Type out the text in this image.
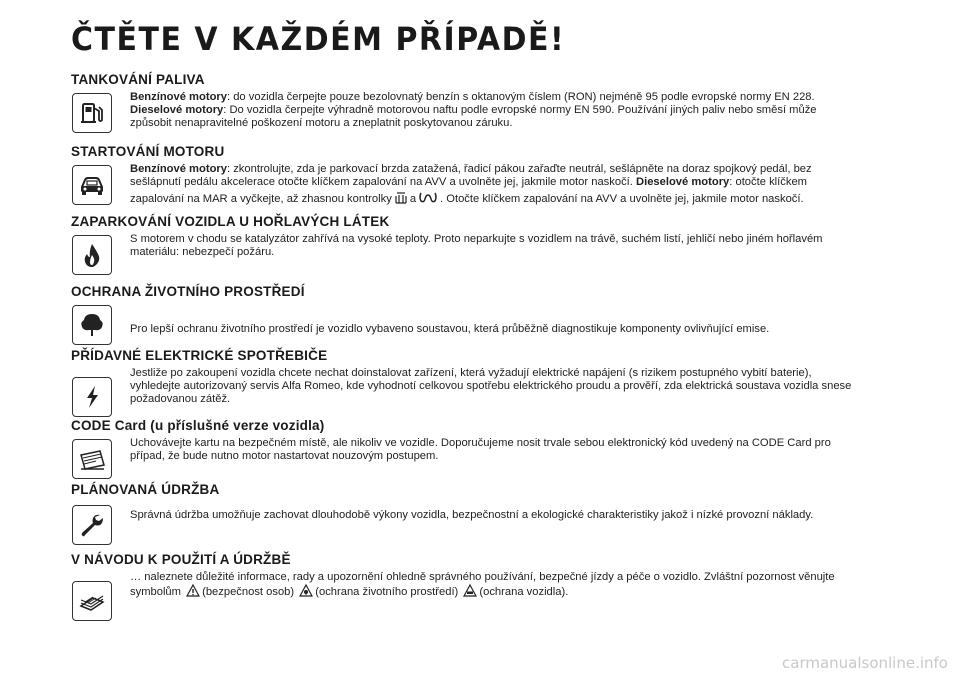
ČTĚTE V KAŽDÉM PŘÍPADĚ!
TANKOVÁNÍ PALIVA
Benzínové motory: do vozidla čerpejte pouze bezolovnatý benzín s oktanovým číslem (RON) nejméně 95 podle evropské normy EN 228.
Dieselové motory: Do vozidla čerpejte výhradně motorovou naftu podle evropské normy EN 590. Používání jiných paliv nebo směsí může způsobit nenapravitelné poškození motoru a zneplatnit poskytovanou záruku.
STARTOVÁNÍ MOTORU
Benzínové motory: zkontrolujte, zda je parkovací brzda zatažená, řadicí pákou zařaďte neutrál, sešlápněte na doraz spojkový pedál, bez sešlápnutí pedálu akcelerace otočte klíčkem zapalování na AVV a uvolněte jej, jakmile motor naskočí. Dieselové motory: otočte klíčkem zapalování na MAR a vyčkejte, až zhasnou kontrolky a . Otočte klíčkem zapalování na AVV a uvolněte jej, jakmile motor naskočí.
ZAPARKOVÁNÍ VOZIDLA U HOŘLAVÝCH LÁTEK
S motorem v chodu se katalyzátor zahřívá na vysoké teploty. Proto neparkujte s vozidlem na trávě, suchém listí, jehličí nebo jiném hořlavém materiálu: nebezpečí požáru.
OCHRANA ŽIVOTNÍHO PROSTŘEDÍ
Pro lepší ochranu životního prostředí je vozidlo vybaveno soustavou, která průběžně diagnostikuje komponenty ovlivňující emise.
PŘÍDAVNÉ ELEKTRICKÉ SPOTŘEBIČE
Jestliže po zakoupení vozidla chcete nechat doinstalovat zařízení, která vyžadují elektrické napájení (s rizikem postupného vybití baterie), vyhledejte autorizovaný servis Alfa Romeo, kde vyhodnotí celkovou spotřebu elektrického proudu a prověří, zda elektrická soustava vozidla snese požadovanou zátěž.
CODE Card (u příslušné verze vozidla)
Uchovávejte kartu na bezpečném místě, ale nikoliv ve vozidle. Doporučujeme nosit trvale sebou elektronický kód uvedený na CODE Card pro případ, že bude nutno motor nastartovat nouzovým postupem.
PLÁNOVANÁ ÚDRŽBA
Správná údržba umožňuje zachovat dlouhodobě výkony vozidla, bezpečnostní a ekologické charakteristiky jakož i nízké provozní náklady.
V NÁVODU K POUŽITÍ A ÚDRŽBĚ
… naleznete důležité informace, rady a upozornění ohledně správného používání, bezpečné jízdy a péče o vozidlo. Zvláštní pozornost věnujte symbolům (bezpečnost osob) (ochrana životního prostředí) (ochrana vozidla).
carmanualsonline.info
